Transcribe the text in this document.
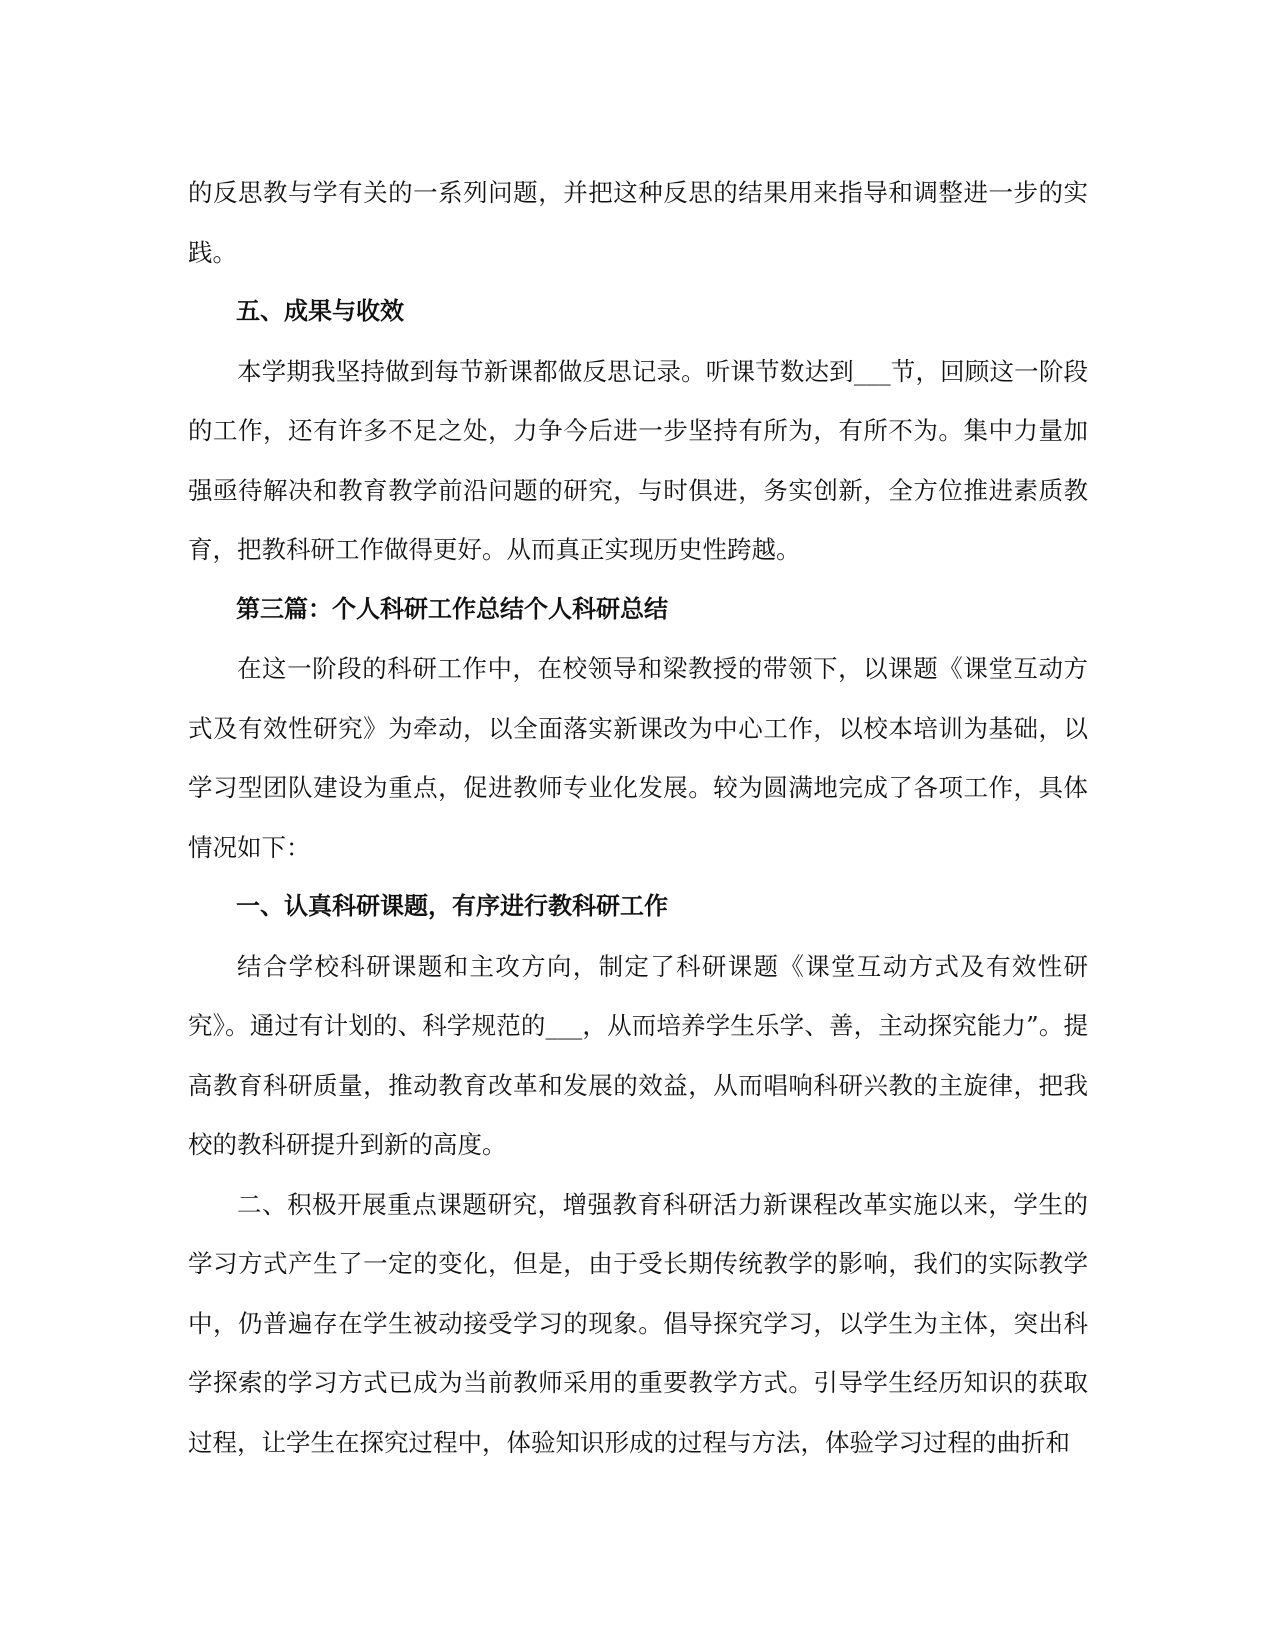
的反思教与学有关的一系列问题，并把这种反思的结果用来指导和调整进一步的实践。

五、成果与收效

本学期我坚持做到每节新课都做反思记录。听课节数达到___节，回顾这一阶段的工作，还有许多不足之处，力争今后进一步坚持有所为，有所不为。集中力量加强亟待解决和教育教学前沿问题的研究，与时俱进，务实创新，全方位推进素质教育，把教科研工作做得更好。从而真正实现历史性跨越。

第三篇：个人科研工作总结个人科研总结

在这一阶段的科研工作中，在校领导和梁教授的带领下，以课题《课堂互动方式及有效性研究》为牵动，以全面落实新课改为中心工作，以校本培训为基础，以学习型团队建设为重点，促进教师专业化发展。较为圆满地完成了各项工作，具体情况如下：

一、认真科研课题，有序进行教科研工作

结合学校科研课题和主攻方向，制定了科研课题《课堂互动方式及有效性研究》。通过有计划的、科学规范的___，从而培养学生乐学、善，主动探究能力”。提高教育科研质量，推动教育改革和发展的效益，从而唱响科研兴教的主旋律，把我校的教科研提升到新的高度。

二、积极开展重点课题研究，增强教育科研活力新课程改革实施以来，学生的学习方式产生了一定的变化，但是，由于受长期传统教学的影响，我们的实际教学中，仍普遍存在学生被动接受学习的现象。倡导探究学习，以学生为主体，突出科学探索的学习方式已成为当前教师采用的重要教学方式。引导学生经历知识的获取过程，让学生在探究过程中，体验知识形成的过程与方法，体验学习过程的曲折和
